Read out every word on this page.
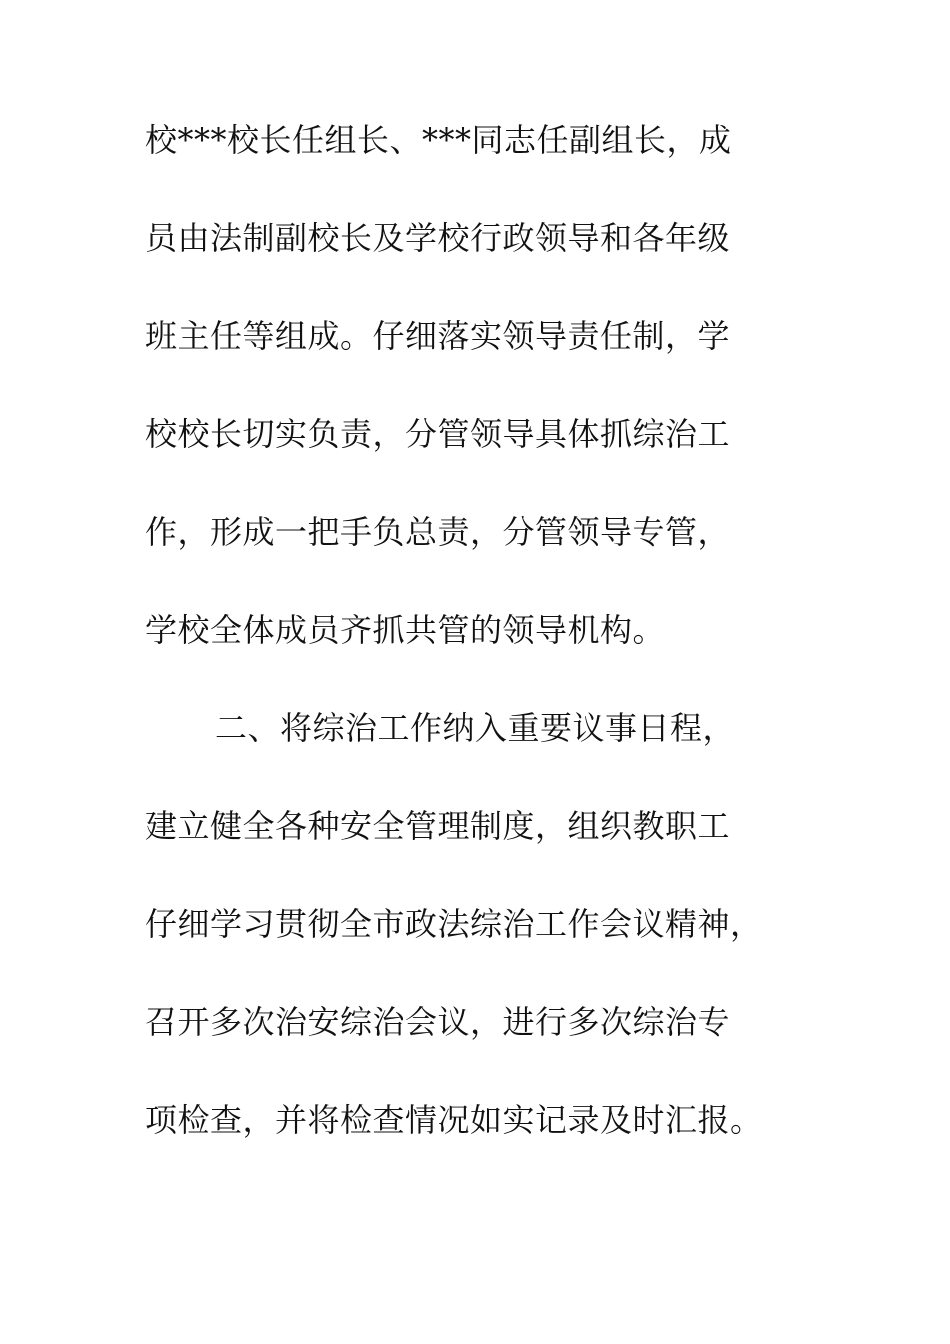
校***校长任组长、***同志任副组长，成
员由法制副校长及学校行政领导和各年级
班主任等组成。仔细落实领导责任制，学
校校长切实负责，分管领导具体抓综治工
作，形成一把手负总责，分管领导专管，
学校全体成员齐抓共管的领导机构。
二、将综治工作纳入重要议事日程，
建立健全各种安全管理制度，组织教职工
仔细学习贯彻全市政法综治工作会议精神，
召开多次治安综治会议，进行多次综治专
项检查，并将检查情况如实记录及时汇报。
